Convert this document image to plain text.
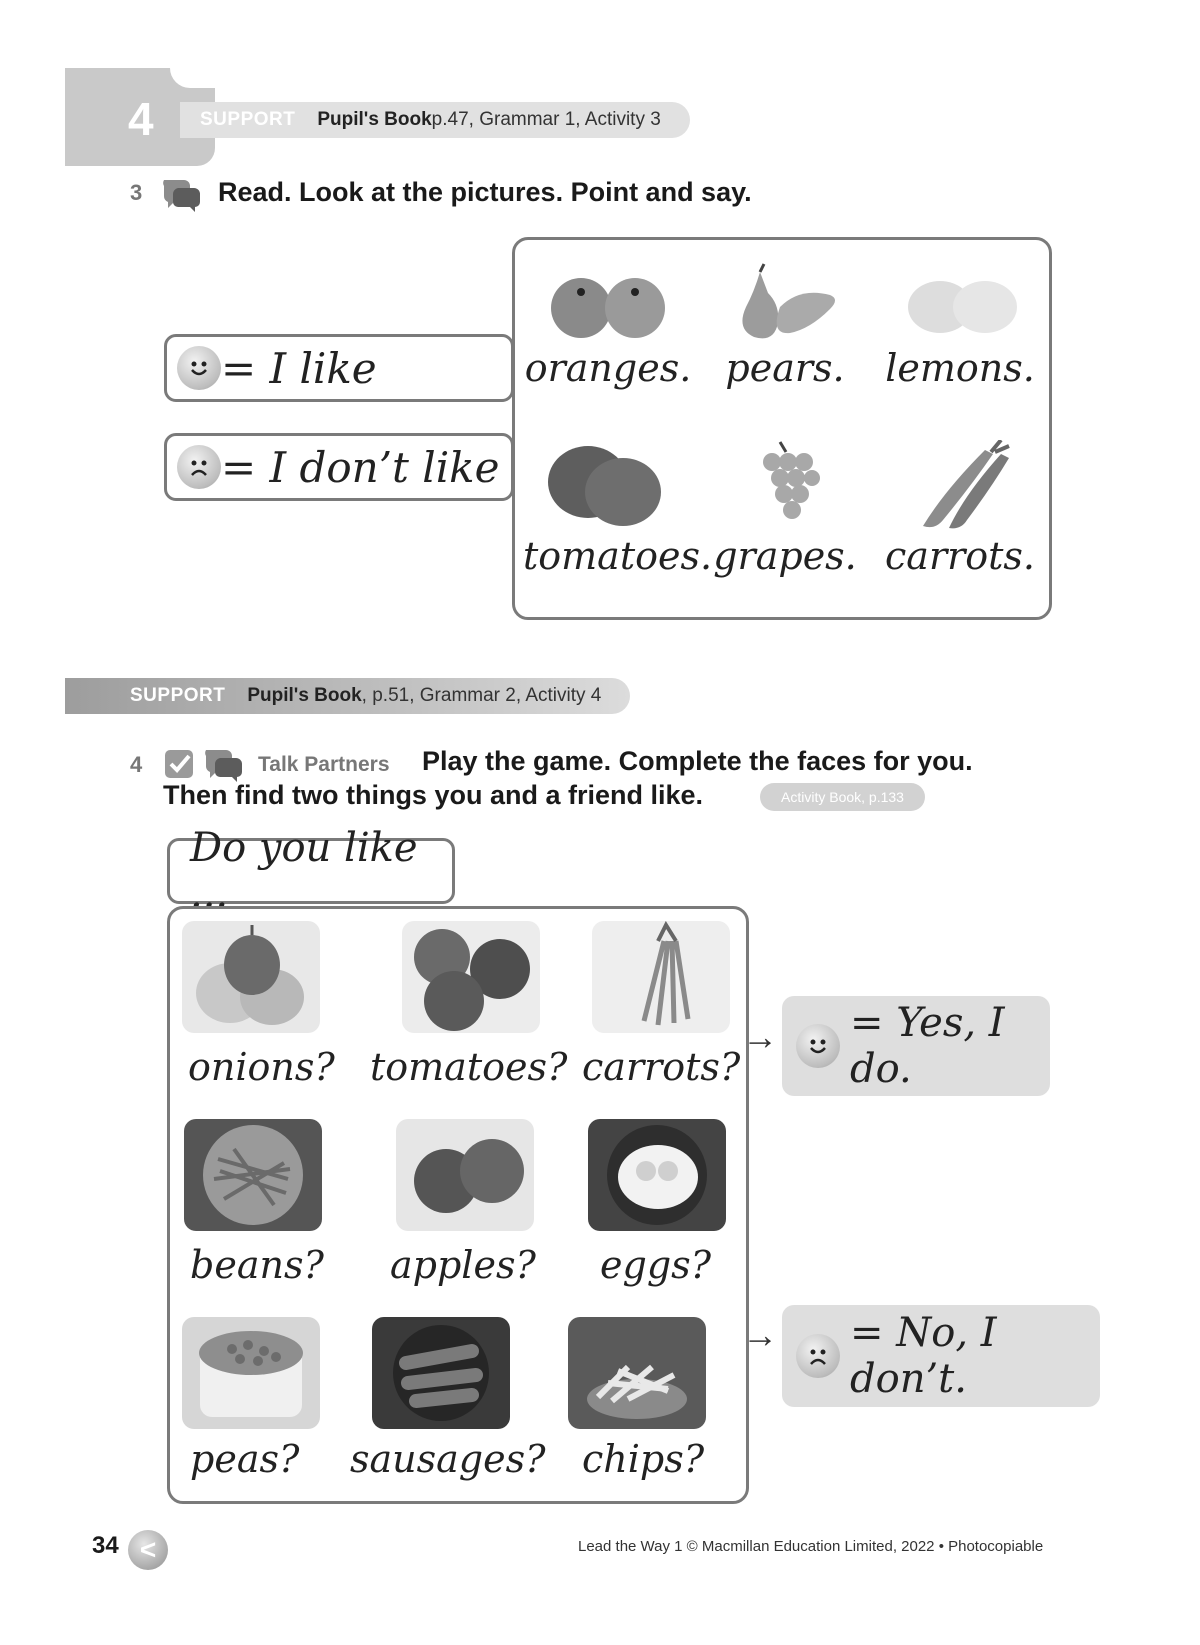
4 SUPPORT Pupil's Book p.47, Grammar 1, Activity 3
3	Read. Look at the pictures. Point and say.
= I like
= I don’t like
oranges. pears.	lemons.
tomatoes. grapes. carrots.
SUPPORT Pupil's Book , p.51, Grammar 2, Activity 4
4	Talk Partners Play the game. Complete the faces for you.
Then find two things you and a friend like.	Activity Book, p.133
Do you like ...
onions? tomatoes? carrots?
beans? apples? eggs?
peas? sausages? chips?
→ = Yes, I do.
→ = No, I don’t.
34 <	Lead the Way 1 © Macmillan Education Limited, 2022 • Photocopiable
